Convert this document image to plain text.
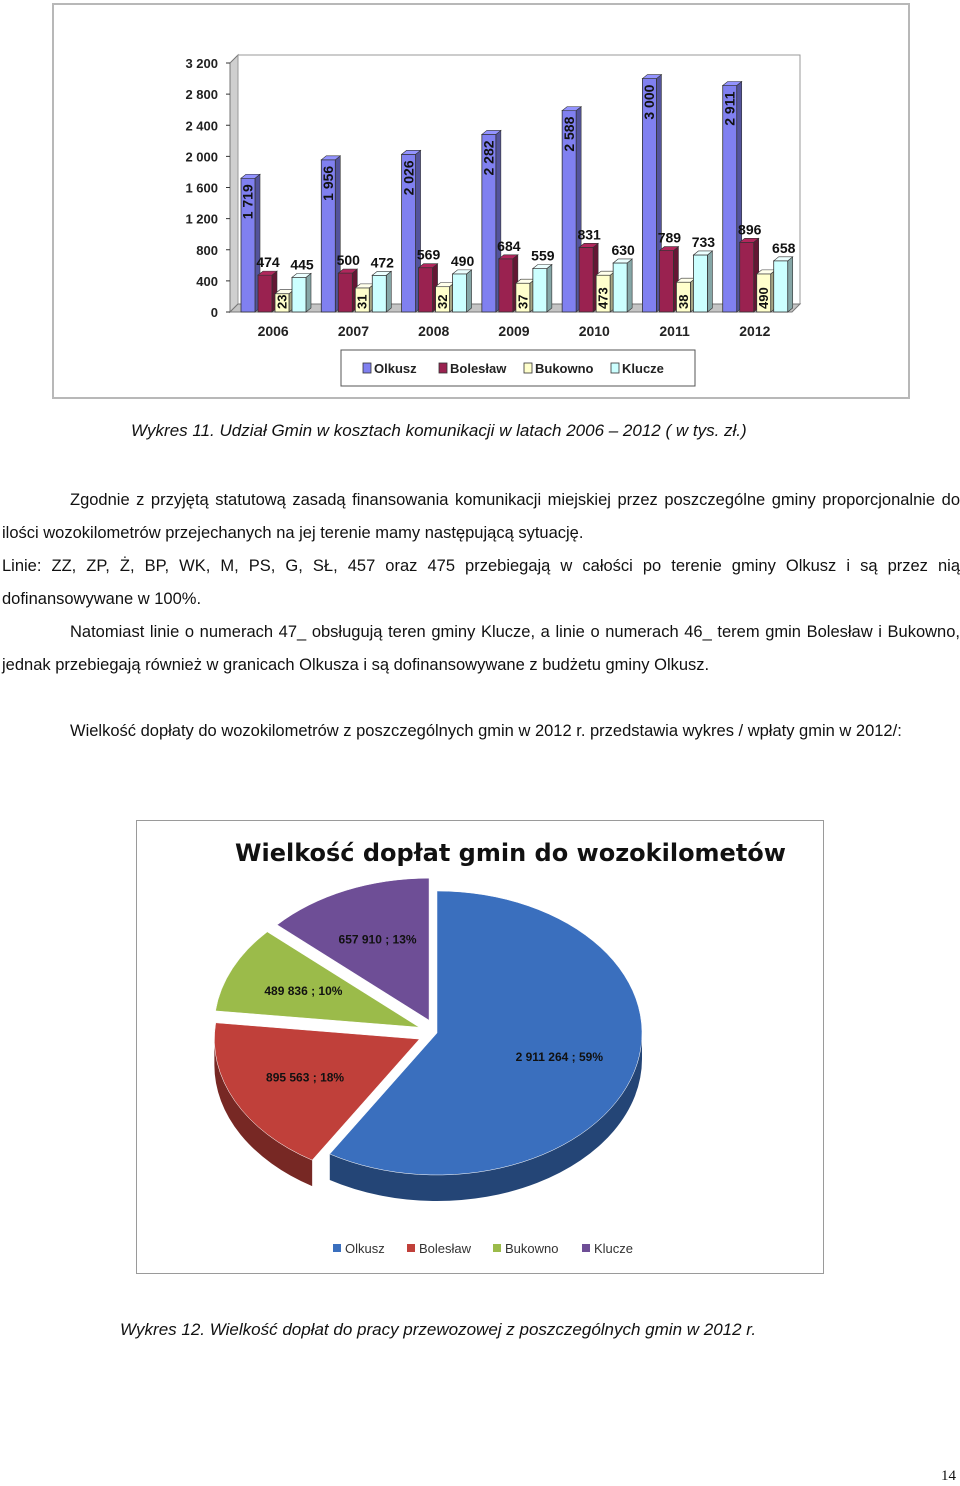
0
400
800
1 200
1 600
2 000
2 400
2 800
3 200
2006
1 719
474
23
445
2007
1 956
500
31
472
2008
2 026
569
32
490
2009
2 282
684
37
559
2010
2 588
831
473
630
2011
3 000
789
38
733
2012
2 911
896
490
658
Olkusz	Bolesław Bukowno Klucze
Wykres 11. Udział Gmin w kosztach komunikacji w latach 2006 – 2012 ( w tys. zł.)
Zgodnie z przyjętą statutową zasadą finansowania komunikacji miejskiej przez poszczególne gminy proporcjonalnie do ilości wozokilometrów przejechanych na jej terenie mamy następującą sytuację.
Linie: ZZ, ZP, Ż, BP, WK, M, PS, G, SŁ, 457 oraz 475 przebiegają w całości po terenie gminy Olkusz i są przez nią dofinansowywane w 100%.
Natomiast linie o numerach 47_ obsługują teren gminy Klucze, a linie o numerach 46_ terem gmin Bolesław i Bukowno, jednak przebiegają również w granicach Olkusza i są dofinansowywane z budżetu gminy Olkusz.
Wielkość dopłaty do wozokilometrów z poszczególnych gmin w 2012 r. przedstawia wykres / wpłaty gmin w 2012/:
Wielkość dopłat gmin do wozokilometów
2 911 264 ; 59%
895 563 ; 18%
489 836 ; 10%
657 910 ; 13%
Olkusz	Bolesław	Bukowno	Klucze
Wykres 12. Wielkość dopłat do pracy przewozowej z poszczególnych gmin w 2012 r.
14
